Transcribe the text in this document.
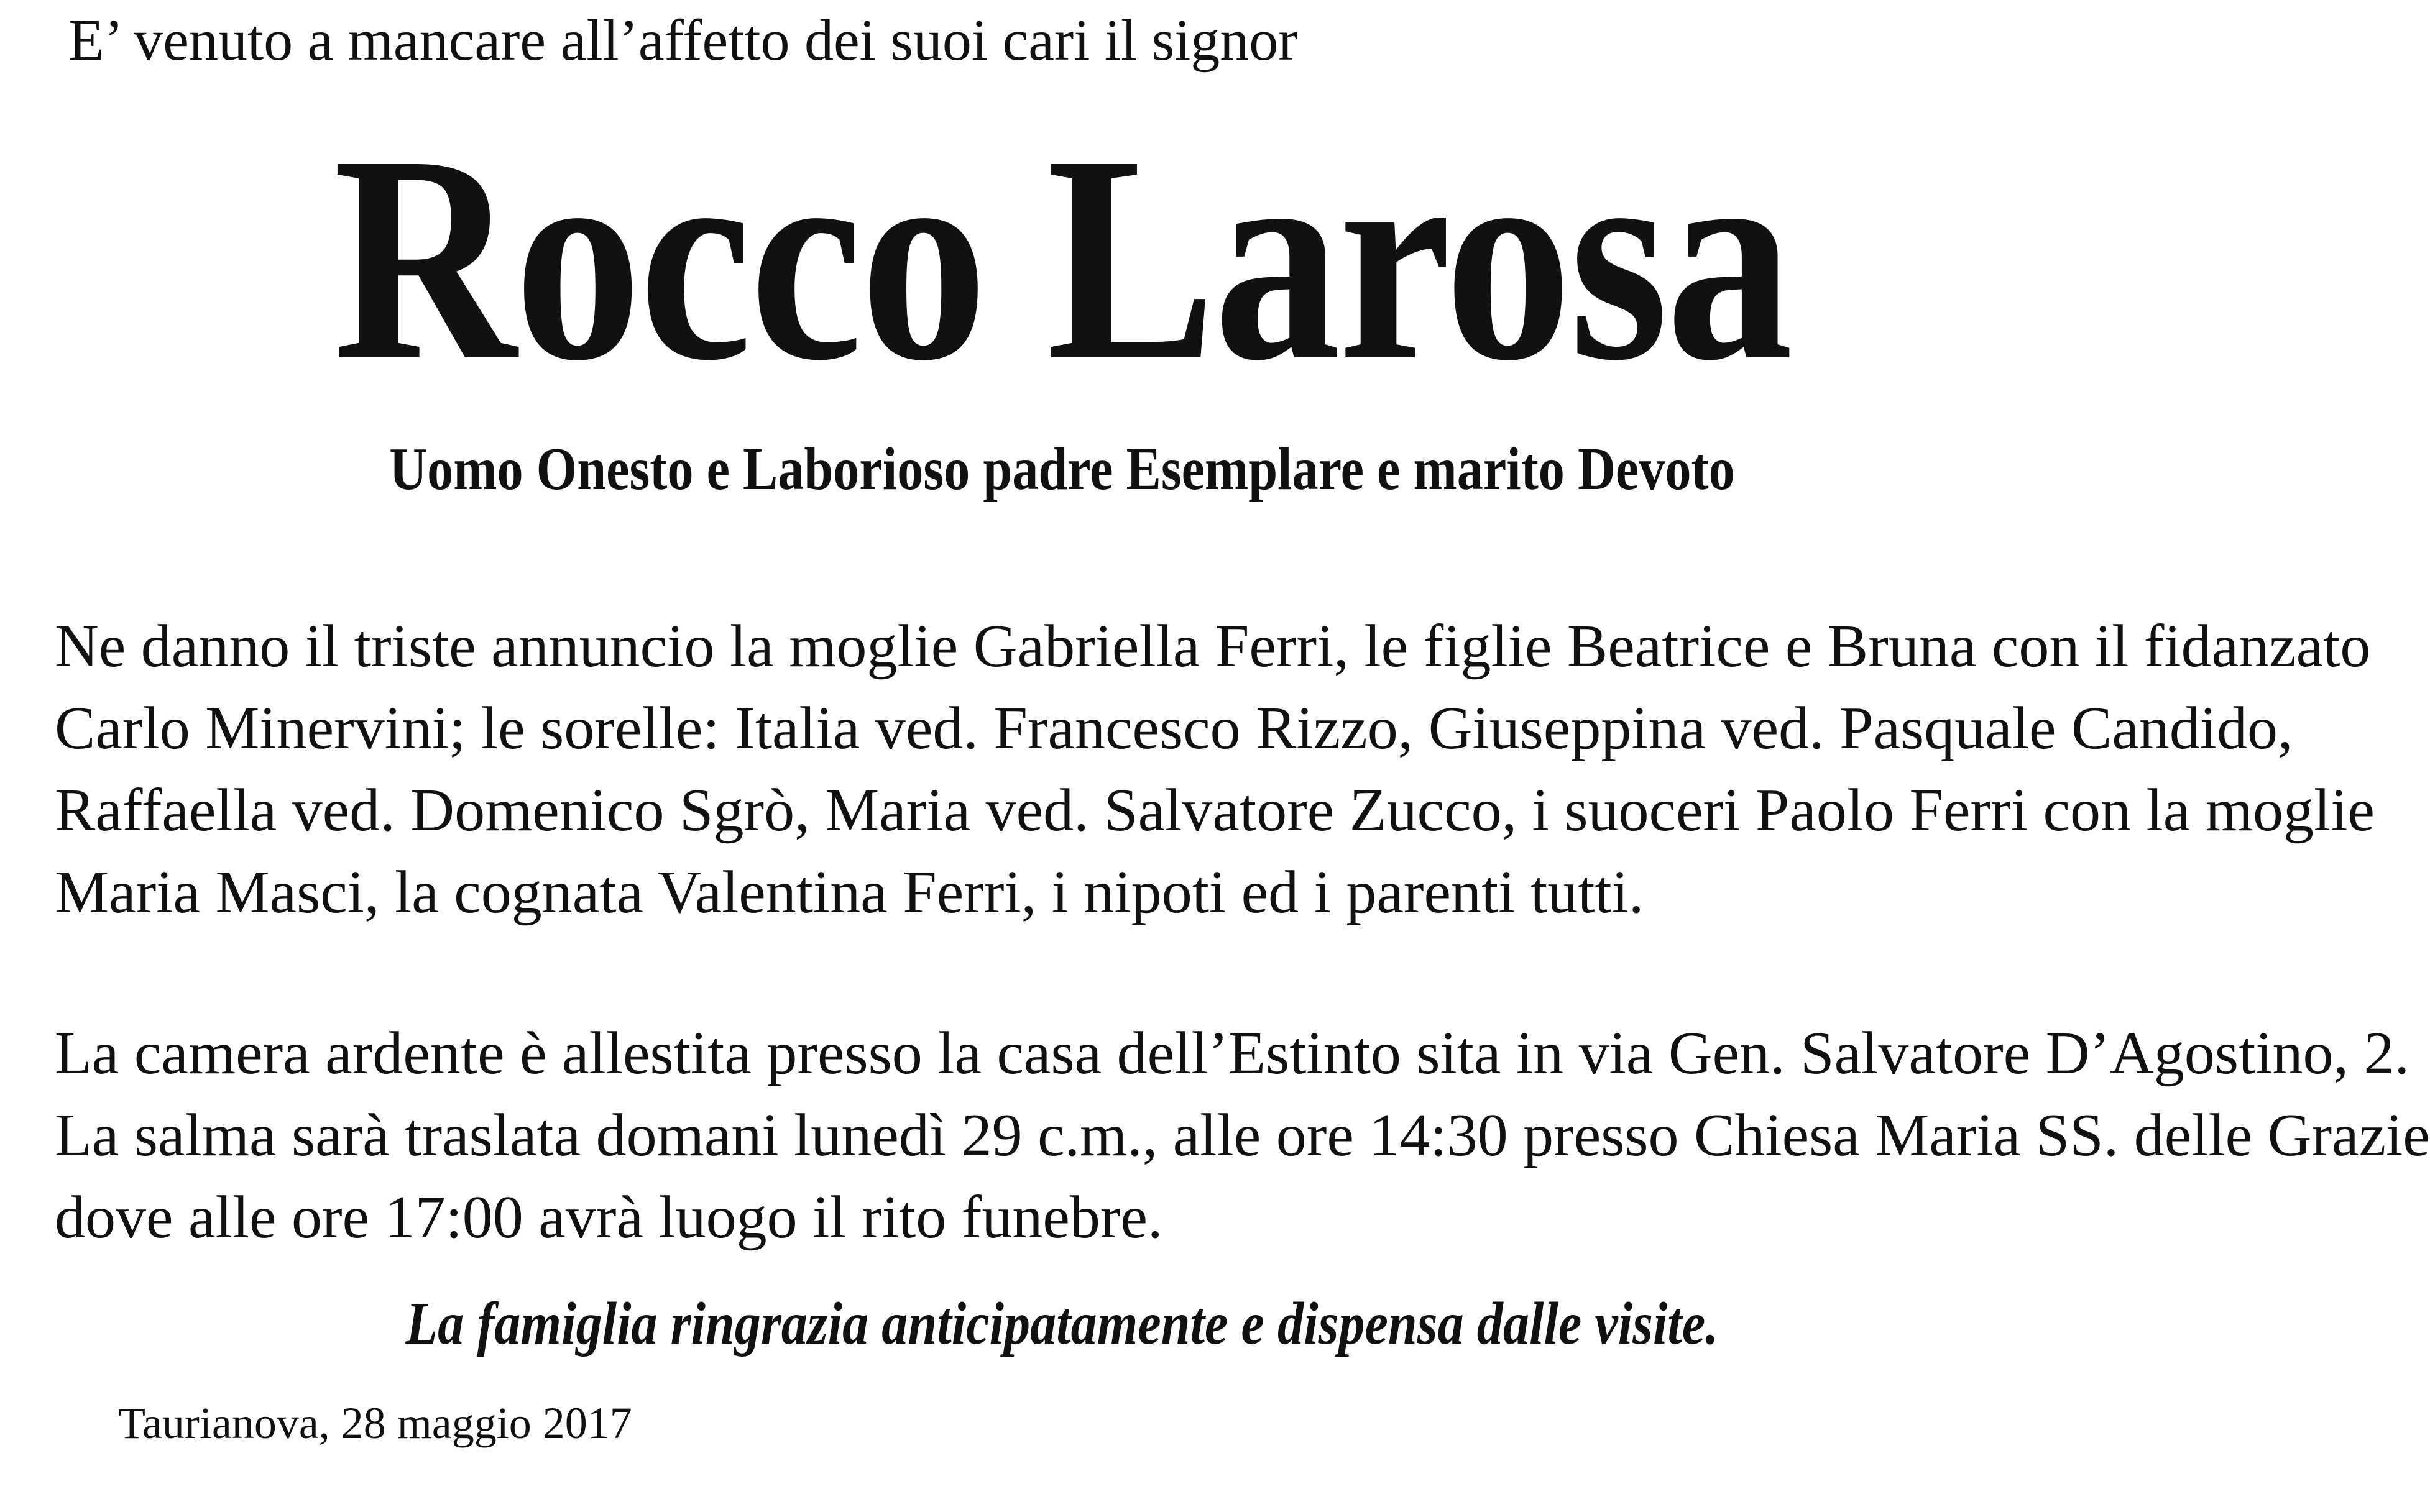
E’ venuto a mancare all’affetto dei suoi cari il signor
Rocco Larosa
Uomo Onesto e Laborioso padre Esemplare e marito Devoto
Ne danno il triste annuncio la moglie Gabriella Ferri, le figlie Beatrice e Bruna con il fidanzato
Carlo Minervini; le sorelle: Italia ved. Francesco Rizzo, Giuseppina ved. Pasquale Candido,
Raffaella ved. Domenico Sgrò, Maria ved. Salvatore Zucco, i suoceri Paolo Ferri con la moglie
Maria Masci, la cognata Valentina Ferri, i nipoti ed i parenti tutti.
La camera ardente è allestita presso la casa dell’Estinto sita in via Gen. Salvatore D’Agostino, 2.
La salma sarà traslata domani lunedì 29 c.m., alle ore 14:30 presso Chiesa Maria SS. delle Grazie
dove alle ore 17:00 avrà luogo il rito funebre.
La famiglia ringrazia anticipatamente e dispensa dalle visite.
Taurianova, 28 maggio 2017
